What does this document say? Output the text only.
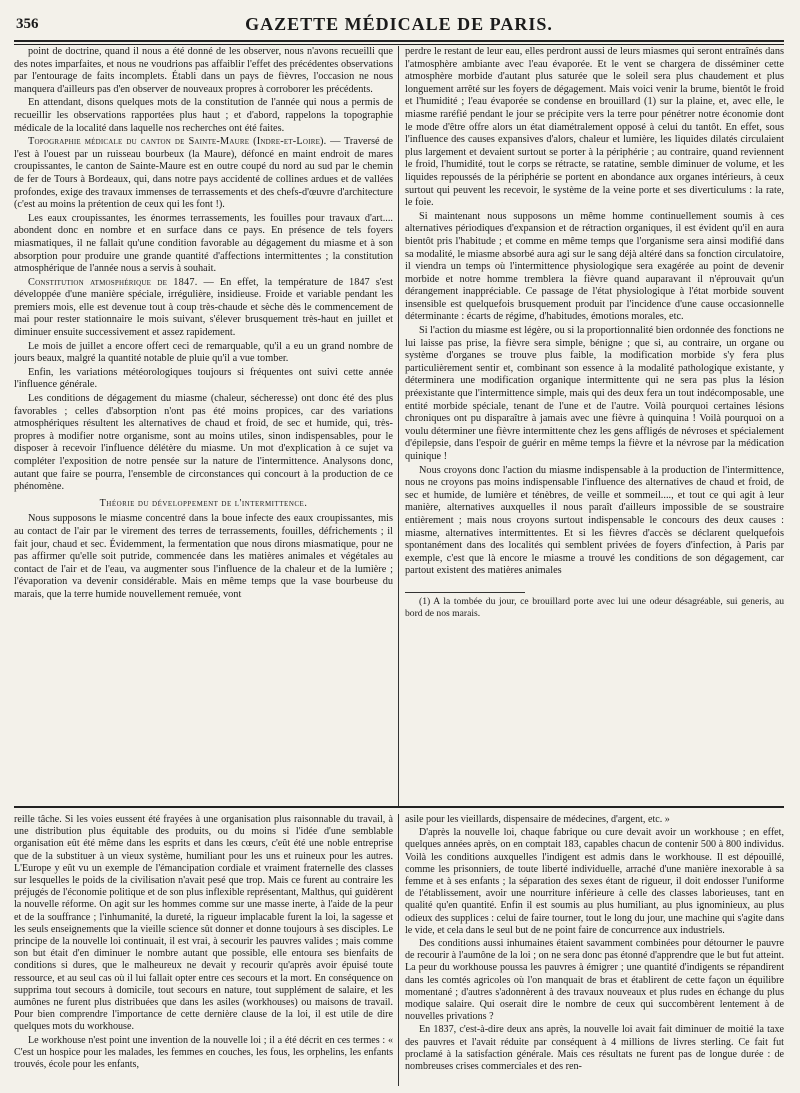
356	GAZETTE MÉDICALE DE PARIS.

point de doctrine, quand il nous a été donné de les observer, nous n'avons recueilli que des notes imparfaites, et nous ne voudrions pas affaiblir l'effet des précédentes observations par l'entourage de faits incomplets. Établi dans un pays de fièvres, l'occasion ne nous manquera d'ailleurs pas d'en observer de nouveaux propres à corroborer les précédents.

En attendant, disons quelques mots de la constitution de l'année qui nous a permis de recueillir les observations rapportées plus haut ; et d'abord, rappelons la topographie médicale de la localité dans laquelle nos recherches ont été faites.

Topographie médicale du canton de Sainte-Maure (Indre-et-Loire). — Traversé de l'est à l'ouest par un ruisseau bourbeux (la Maure), défoncé en maint endroit de mares croupissantes, le canton de Sainte-Maure est en outre coupé du nord au sud par le chemin de fer de Tours à Bordeaux, qui, dans notre pays accidenté de collines ardues et de vallées profondes, exige des travaux immenses de terrassements et des chefs-d'œuvre d'architecture (c'est au moins la prétention de ceux qui les font !).

Les eaux croupissantes, les énormes terrassements, les fouilles pour travaux d'art.... abondent donc en nombre et en surface dans ce pays. En présence de tels foyers miasmatiques, il ne fallait qu'une condition favorable au dégagement du miasme et à son absorption pour produire une grande quantité d'affections intermittentes ; la constitution atmosphérique de l'année nous a servis à souhait.

Constitution atmosphérique de 1847. — En effet, la température de 1847 s'est développée d'une manière spéciale, irrégulière, insidieuse. Froide et variable pendant les premiers mois, elle est devenue tout à coup très-chaude et sèche dès le commencement de mai pour rester stationnaire le mois suivant, s'élever brusquement très-haut en juillet et diminuer ensuite successivement et assez rapidement.

Le mois de juillet a encore offert ceci de remarquable, qu'il a eu un grand nombre de jours beaux, malgré la quantité notable de pluie qu'il a vue tomber.

Enfin, les variations météorologiques toujours si fréquentes ont suivi cette année l'influence générale.

Les conditions de dégagement du miasme (chaleur, sécheresse) ont donc été des plus favorables ; celles d'absorption n'ont pas été moins propices, car des variations atmosphériques résultent les alternatives de chaud et froid, de sec et humide, qui, très-propres à modifier notre organisme, sont au moins utiles, sinon indispensables, pour le disposer à recevoir l'influence délétère du miasme. Un mot d'explication à ce sujet va compléter l'exposition de notre pensée sur la nature de l'intermittence. Analysons donc, autant que faire se pourra, l'ensemble de circonstances qui concourt à la production de ce phénomène.

Théorie du développement de l'intermittence.

Nous supposons le miasme concentré dans la boue infecte des eaux croupissantes, mis au contact de l'air par le virement des terres de terrassements, fouilles, défrichements ; il fait jour, chaud et sec. Évidemment, la fermentation que nous dirons miasmatique, pour ne pas affirmer qu'elle soit putride, commencée dans les matières animales et végétales au contact de l'air et de l'eau, va augmenter sous l'influence de la chaleur et de la lumière ; l'évaporation va devenir considérable. Mais en même temps que la vase bourbeuse du marais, que la terre humide nouvellement remuée, vont

perdre le restant de leur eau, elles perdront aussi de leurs miasmes qui seront entraînés dans l'atmosphère ambiante avec l'eau évaporée. Et le vent se chargera de disséminer cette atmosphère morbide d'autant plus saturée que le soleil sera plus chaudement et plus longuement arrêté sur les foyers de dégagement. Mais voici venir la brume, bientôt le froid et l'humidité ; l'eau évaporée se condense en brouillard (1) sur la plaine, et, avec elle, le miasme raréfié pendant le jour se précipite vers la terre pour pénétrer notre économie dont le mode d'être offre alors un état diamétralement opposé à celui du tantôt. En effet, sous l'influence des causes expansives d'alors, chaleur et lumière, les liquides dilatés circulaient plus largement et devaient surtout se porter à la périphérie ; au contraire, quand reviennent le froid, l'humidité, tout le corps se rétracte, se ratatine, semble diminuer de volume, et les liquides repoussés de la périphérie se portent en abondance aux organes intérieurs, à ceux surtout qui peuvent les recevoir, le système de la veine porte et ses diverticulums : la rate, le foie.

Si maintenant nous supposons un même homme continuellement soumis à ces alternatives périodiques d'expansion et de rétraction organiques, il est évident qu'il en aura bientôt pris l'habitude ; et comme en même temps que l'organisme sera ainsi modifié dans sa modalité, le miasme absorbé aura agi sur le sang déjà altéré dans sa fonction circulatoire, il viendra un temps où l'intermittence physiologique sera exagérée au point de devenir morbide et notre homme tremblera la fièvre quand auparavant il n'éprouvait qu'un dérangement inappréciable. Ce passage de l'état physiologique à l'état morbide souvent insensible est quelquefois brusquement produit par l'incidence d'une cause occasionnelle déterminante : écarts de régime, d'habitudes, émotions morales, etc.

Si l'action du miasme est légère, ou si la proportionnalité bien ordonnée des fonctions ne lui laisse pas prise, la fièvre sera simple, bénigne ; que si, au contraire, un organe ou système d'organes se trouve plus faible, la modification morbide s'y fera plus particulièrement sentir et, combinant son essence à la modalité pathologique existante, y déterminera une modification organique intermittente qui ne sera pas plus la lésion préexistante que l'intermittence simple, mais qui des deux fera un tout indécomposable, une entité morbide spéciale, tenant de l'une et de l'autre. Voilà pourquoi certaines lésions chroniques ont pu disparaître à jamais avec une fièvre à quinquina ! Voilà pourquoi on a voulu déterminer une fièvre intermittente chez les gens affligés de névroses et spécialement d'épilepsie, dans l'espoir de guérir en même temps la fièvre et la névrose par la médication quinique !

Nous croyons donc l'action du miasme indispensable à la production de l'intermittence, nous ne croyons pas moins indispensable l'influence des alternatives de chaud et froid, de sec et humide, de lumière et ténèbres, de veille et sommeil...., et tout ce qui agit à leur manière, alternatives auxquelles il nous paraît d'ailleurs impossible de se soustraire entièrement ; mais nous croyons surtout indispensable le concours des deux causes : miasme, alternatives intermittentes. Et si les fièvres d'accès se déclarent quelquefois spontanément dans des localités qui semblent privées de foyers d'infection, à Paris par exemple, c'est que là encore le miasme a trouvé les conditions de son dégagement, car partout existent des matières animales

(1) A la tombée du jour, ce brouillard porte avec lui une odeur désagréable, sui generis, au bord de nos marais.

reille tâche. Si les voies eussent été frayées à une organisation plus raisonnable du travail, à une distribution plus équitable des produits, ou du moins si l'idée d'une semblable organisation eût été même dans les esprits et dans les cœurs, c'eût été une noble entreprise que de la substituer à un vieux système, humiliant pour les uns et ruineux pour les autres. L'Europe y eût vu un exemple de l'émancipation cordiale et vraiment fraternelle des classes sur lesquelles le poids de la civilisation n'avait pesé que trop. Mais ce furent au contraire les préjugés de l'économie politique et de son plus inflexible représentant, Malthus, qui guidèrent la nouvelle réforme. On agit sur les hommes comme sur une masse inerte, à l'aide de la peur et de la souffrance ; l'inhumanité, la dureté, la rigueur implacable furent la loi, la sagesse et les seuls enseignements que la vieille science sût donner et donne toujours à ses disciples. Le principe de la nouvelle loi continuait, il est vrai, à secourir les pauvres valides ; mais comme son but était d'en diminuer le nombre autant que possible, elle entoura ses bienfaits de conditions si dures, que le malheureux ne devait y recourir qu'après avoir épuisé toute ressource, et au seul cas où il lui fallait opter entre ces secours et la mort. En conséquence on supprima tout secours à domicile, tout secours en nature, tout supplément de salaire, et les aumônes ne furent plus distribuées que dans les asiles (workhouses) ou maisons de travail. Pour bien comprendre l'importance de cette dernière clause de la loi, il est utile de dire quelques mots du workhouse.

Le workhouse n'est point une invention de la nouvelle loi ; il a été décrit en ces termes : « C'est un hospice pour les malades, les femmes en couches, les fous, les orphelins, les enfants trouvés, école pour les enfants,

asile pour les vieillards, dispensaire de médecines, d'argent, etc. »

D'après la nouvelle loi, chaque fabrique ou cure devait avoir un workhouse ; en effet, quelques années après, on en comptait 183, capables chacun de contenir 500 à 800 individus. Voilà les conditions auxquelles l'indigent est admis dans le workhouse. Il est dépouillé, comme les prisonniers, de toute liberté individuelle, arraché d'une manière inexorable à sa femme et à ses enfants ; la séparation des sexes étant de rigueur, il doit endosser l'uniforme de l'établissement, avoir une nourriture inférieure à celle des classes laborieuses, tant en qualité qu'en quantité. Enfin il est soumis au plus humiliant, au plus ignominieux, au plus odieux des supplices : celui de faire tourner, tout le long du jour, une machine qui s'agite dans le vide, et cela dans le seul but de ne point faire de concurrence aux industriels.

Des conditions aussi inhumaines étaient savamment combinées pour détourner le pauvre de recourir à l'aumône de la loi ; on ne sera donc pas étonné d'apprendre que le but fut atteint. La peur du workhouse poussa les pauvres à émigrer ; une quantité d'indigents se répandirent dans les comtés agricoles où l'on manquait de bras et établirent de cette façon un équilibre momentané ; d'autres s'adonnèrent à des travaux nouveaux et plus rudes en échange du plus modique salaire. Qui oserait dire le nombre de ceux qui succombèrent lentement à de nouvelles privations ?

En 1837, c'est-à-dire deux ans après, la nouvelle loi avait fait diminuer de moitié la taxe des pauvres et l'avait réduite par conséquent à 4 millions de livres sterling. Ce fait fut proclamé à la satisfaction générale. Mais ces résultats ne furent pas de longue durée : de nombreuses crises commerciales et des ren-
